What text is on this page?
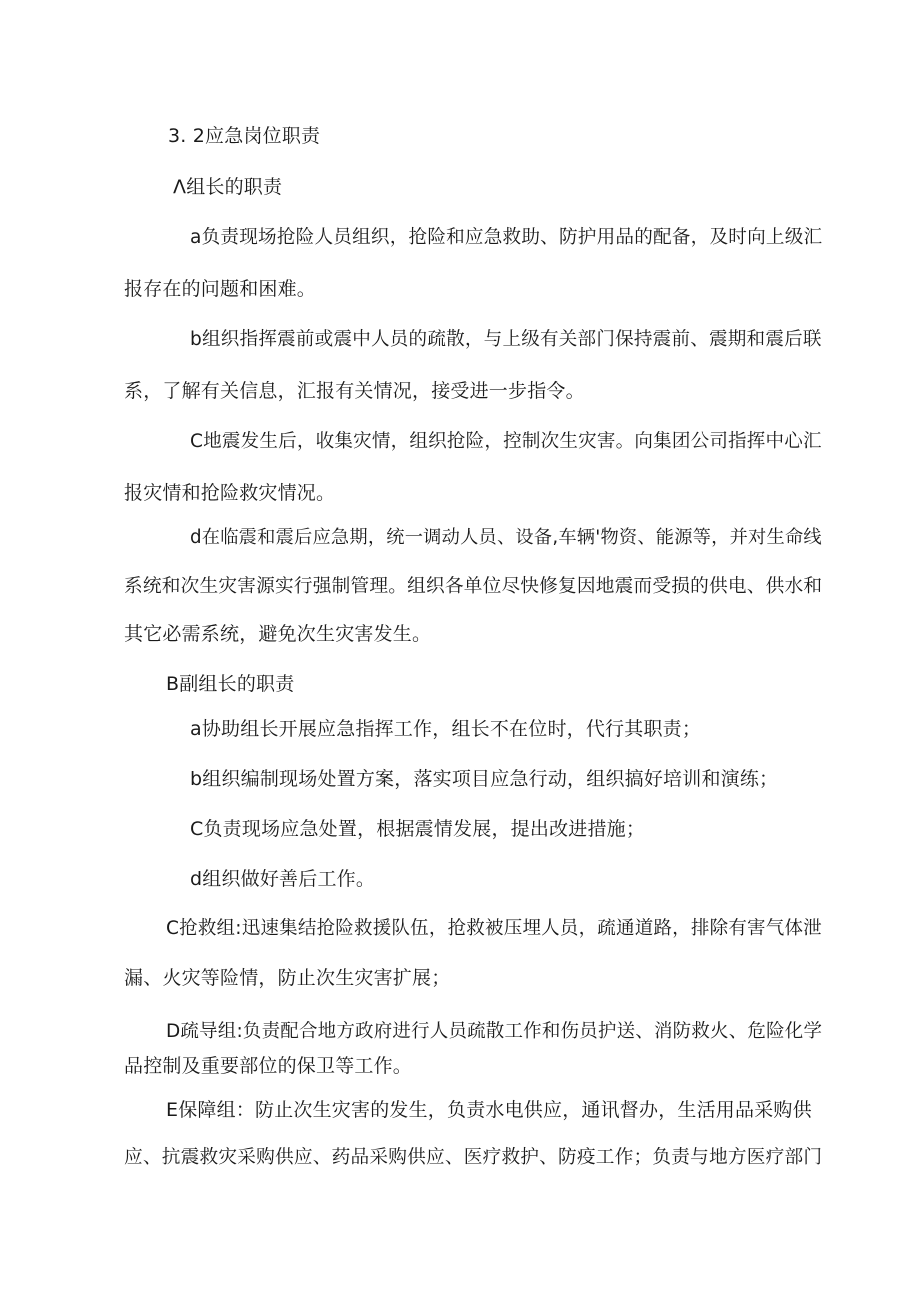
3. 2应急岗位职责
Λ组长的职责
a负责现场抢险人员组织，抢险和应急救助、防护用品的配备，及时向上级汇
报存在的问题和困难。
b组织指挥震前或震中人员的疏散，与上级有关部门保持震前、震期和震后联
系，了解有关信息，汇报有关情况，接受进一步指令。
C地震发生后，收集灾情，组织抢险，控制次生灾害。向集团公司指挥中心汇
报灾情和抢险救灾情况。
d在临震和震后应急期，统一调动人员、设备,车辆'物资、能源等，并对生命线
系统和次生灾害源实行强制管理。组织各单位尽快修复因地震而受损的供电、供水和
其它必需系统，避免次生灾害发生。
B副组长的职责
a协助组长开展应急指挥工作，组长不在位时，代行其职责；
b组织编制现场处置方案，落实项目应急行动，组织搞好培训和演练；
C负责现场应急处置，根据震情发展，提出改进措施；
d组织做好善后工作。
C抢救组:迅速集结抢险救援队伍，抢救被压埋人员，疏通道路，排除有害气体泄
漏、火灾等险情，防止次生灾害扩展；
D疏导组:负责配合地方政府进行人员疏散工作和伤员护送、消防救火、危险化学
品控制及重要部位的保卫等工作。
E保障组：防止次生灾害的发生，负责水电供应，通讯督办，生活用品采购供
应、抗震救灾采购供应、药品采购供应、医疗救护、防疫工作；负责与地方医疗部门
